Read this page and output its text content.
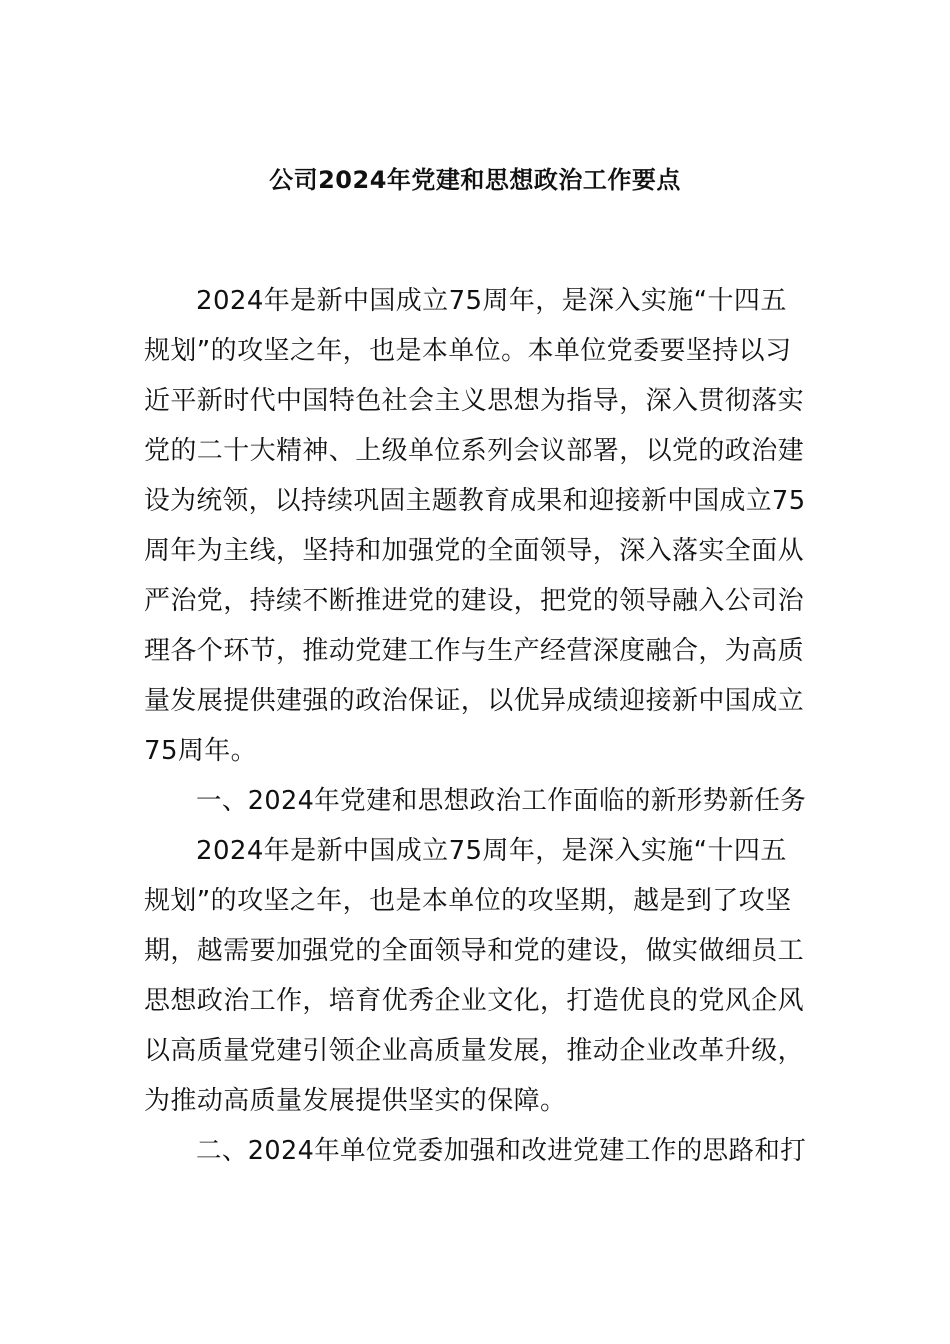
公司2024年党建和思想政治工作要点
2024年是新中国成立75周年，是深入实施“十四五
规划”的攻坚之年，也是本单位。本单位党委要坚持以习
近平新时代中国特色社会主义思想为指导，深入贯彻落实
党的二十大精神、上级单位系列会议部署，以党的政治建
设为统领，以持续巩固主题教育成果和迎接新中国成立75
周年为主线，坚持和加强党的全面领导，深入落实全面从
严治党，持续不断推进党的建设，把党的领导融入公司治
理各个环节，推动党建工作与生产经营深度融合，为高质
量发展提供建强的政治保证，以优异成绩迎接新中国成立
75周年。
一、2024年党建和思想政治工作面临的新形势新任务
2024年是新中国成立75周年，是深入实施“十四五
规划”的攻坚之年，也是本单位的攻坚期，越是到了攻坚
期，越需要加强党的全面领导和党的建设，做实做细员工
思想政治工作，培育优秀企业文化，打造优良的党风企风
以高质量党建引领企业高质量发展，推动企业改革升级，
为推动高质量发展提供坚实的保障。
二、2024年单位党委加强和改进党建工作的思路和打
